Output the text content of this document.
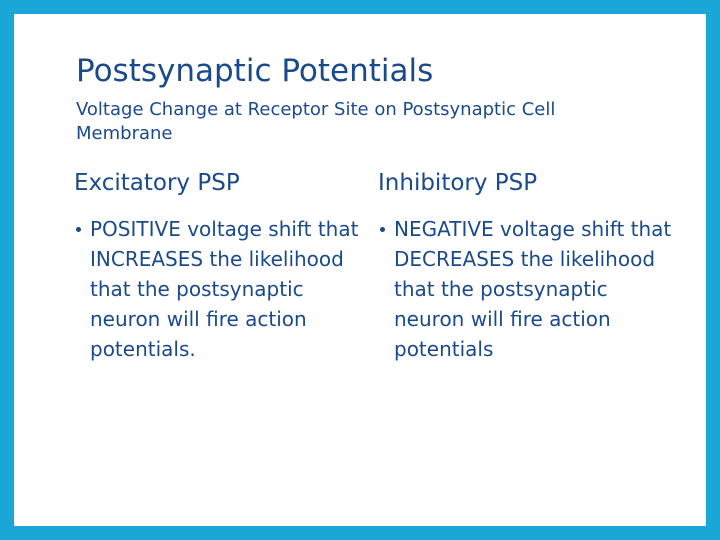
Postsynaptic Potentials

Voltage Change at Receptor Site on Postsynaptic Cell Membrane

Excitatory PSP
POSITIVE voltage shift that INCREASES the likelihood that the postsynaptic neuron will fire action potentials.
Inhibitory PSP
NEGATIVE voltage shift that DECREASES the likelihood that the postsynaptic neuron will fire action potentials
